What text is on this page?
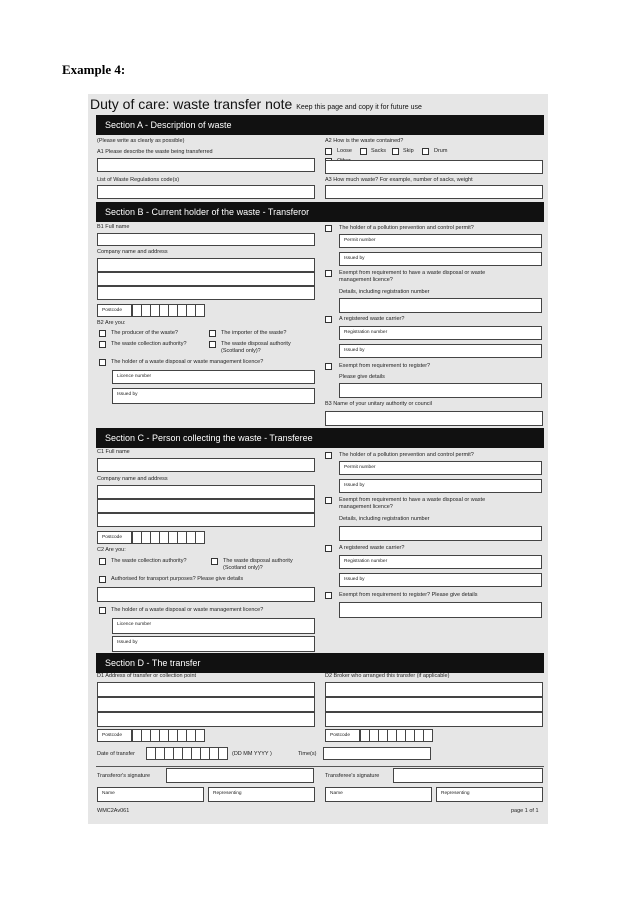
Example 4:
Duty of care: waste transfer note Keep this page and copy it for future use
Section A - Description of waste
(Please write as clearly as possible)
A1 Please describe the waste being transferred
List of Waste Regulations code(s)
A2 How is the waste contained?
Loose	Sacks	Skip	Drum
A3 How much waste? For example, number of sacks, weight
Section B - Current holder of the waste - Transferor
B1 Full name
Company name and address
Postcode
B2 Are you:
The producer of the waste?	The importer of the waste?
The waste collection authority?	The waste disposal authority
(Scotland only)?
The holder of a waste disposal or waste management licence?
Licence number
Issued by
The holder of a pollution prevention and control permit?
Permit number
Issued by
Exempt from requirement to have a waste disposal or waste
management licence?
Details, including registration number
A registered waste carrier?
Registration number
Issued by
Exempt from requirement to register?
Please give details
B3 Name of your unitary authority or council
Section C - Person collecting the waste - Transferee
C1 Full name
Company name and address
Postcode
C2 Are you:
The waste collection authority?	The waste disposal authority
(Scotland only)?
Authorised for transport purposes? Please give details
The holder of a waste disposal or waste management licence?
Licence number
Issued by
The holder of a pollution prevention and control permit?
Permit number
Issued by
Exempt from requirement to have a waste disposal or waste
management licence?
Details, including registration number
A registered waste carrier?
Registration number
Issued by
Exempt from requirement to register? Please give details
Section D - The transfer
D1 Address of transfer or collection point
Postcode
D2 Broker who arranged this transfer (if applicable)
Postcode
Date of transfer	(DD MM YYYY )	Time(s)
Transferor's signature
Name	Representing
Transferee's signature
Name	Representing
WMC2Av061	page 1 of 1
